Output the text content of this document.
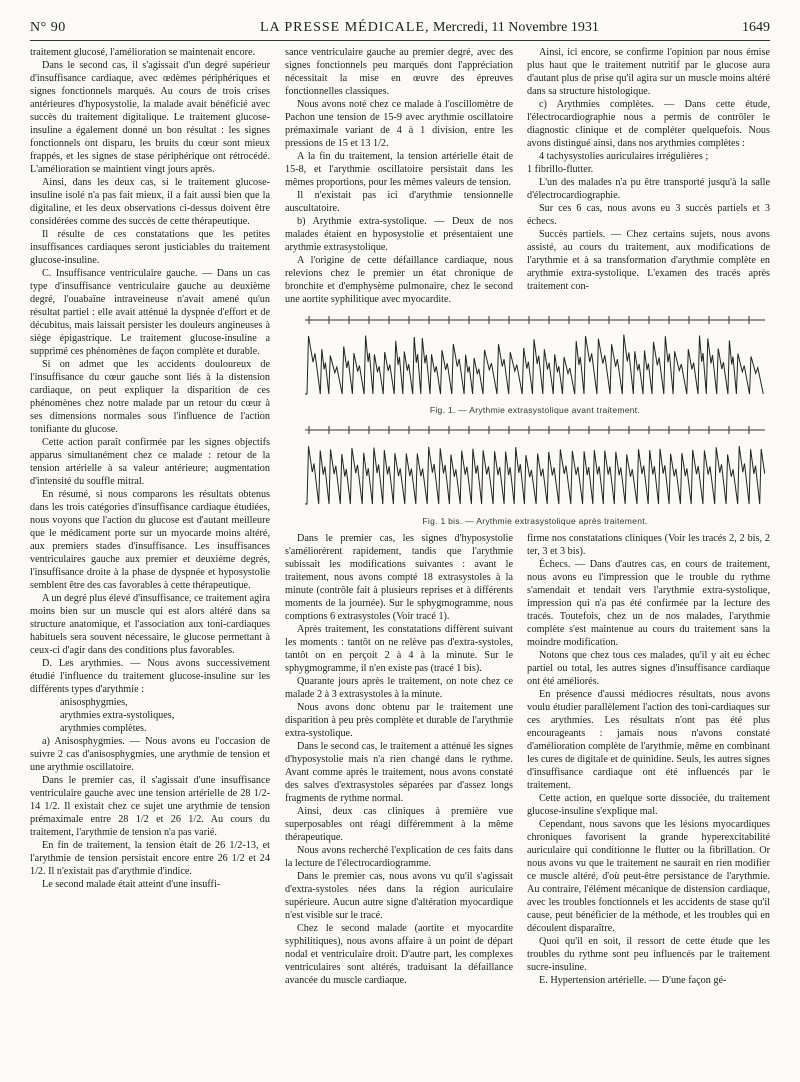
N° 90	LA PRESSE MÉDICALE, Mercredi, 11 Novembre 1931	1649

traitement glucosé, l'amélioration se maintenait encore.

Dans le second cas, il s'agissait d'un degré supérieur d'insuffisance cardiaque, avec œdèmes périphériques et signes fonctionnels marqués. Au cours de trois crises antérieures d'hyposystolie, la malade avait bénéficié avec succès du traitement digitalique. Le traitement glucose-insuline a également donné un bon résultat : les signes fonctionnels ont disparu, les bruits du cœur sont mieux frappés, et les signes de stase périphérique ont rétrocédé. L'amélioration se maintient vingt jours après.

Ainsi, dans les deux cas, si le traitement glucose-insuline isolé n'a pas fait mieux, il a fait aussi bien que la digitaline, et les deux observations ci-dessus doivent être considérées comme des succès de cette thérapeutique.

Il résulte de ces constatations que les petites insuffisances cardiaques seront justiciables du traitement glucose-insuline.

C. Insuffisance ventriculaire gauche. — Dans un cas type d'insuffisance ventriculaire gauche au deuxième degré, l'ouabaïne intraveineuse n'avait amené qu'un résultat partiel : elle avait atténué la dyspnée d'effort et de décubitus, mais laissait persister les douleurs angineuses à siège épigastrique. Le traitement glucose-insuline a supprimé ces phénomènes de façon complète et durable.

Si on admet que les accidents douloureux de l'insuffisance du cœur gauche sont liés à la distension cardiaque, on peut expliquer la disparition de ces phénomènes chez notre malade par un retour du cœur à ses dimensions normales sous l'influence de l'action tonifiante du glucose.

Cette action paraît confirmée par les signes objectifs apparus simultanément chez ce malade : retour de la tension artérielle à sa valeur antérieure; augmentation d'intensité du souffle mitral.

En résumé, si nous comparons les résultats obtenus dans les trois catégories d'insuffisance cardiaque étudiées, nous voyons que l'action du glucose est d'autant meilleure que le médicament porte sur un myocarde moins altéré, aux premiers stades d'insuffisance. Les insuffisances ventriculaires gauche aux premier et deuxième degrés, l'insuffisance droite à la phase de dyspnée et hyposystolie semblent être des cas favorables à cette thérapeutique.

A un degré plus élevé d'insuffisance, ce traitement agira moins bien sur un muscle qui est alors altéré dans sa structure anatomique, et l'association aux toni-cardiaques habituels sera souvent nécessaire, le glucose permettant à ceux-ci d'agir dans des conditions plus favorables.

D. Les arythmies. — Nous avons successivement étudié l'influence du traitement glucose-insuline sur les différents types d'arythmie :

anisosphygmies,

arythmies extra-systoliques,

arythmies complètes.

a) Anisosphygmies. — Nous avons eu l'occasion de suivre 2 cas d'anisosphygmies, une arythmie de tension et une arythmie oscillatoire.

Dans le premier cas, il s'agissait d'une insuffisance ventriculaire gauche avec une tension artérielle de 28 1/2-14 1/2. Il existait chez ce sujet une arythmie de tension prémaximale entre 28 1/2 et 26 1/2. Au cours du traitement, l'arythmie de tension n'a pas varié.

En fin de traitement, la tension était de 26 1/2-13, et l'arythmie de tension persistait encore entre 26 1/2 et 24 1/2. Il n'existait pas d'arythmie d'indice.

Le second malade était atteint d'une insuffi-

sance ventriculaire gauche au premier degré, avec des signes fonctionnels peu marqués dont l'appréciation nécessitait la mise en œuvre des épreuves fonctionnelles classiques.

Nous avons noté chez ce malade à l'oscillomètre de Pachon une tension de 15-9 avec arythmie oscillatoire prémaximale variant de 4 à 1 division, entre les pressions de 15 et 13 1/2.

A la fin du traitement, la tension artérielle était de 15-8, et l'arythmie oscillatoire persistait dans les mêmes proportions, pour les mêmes valeurs de tension.

Il n'existait pas ici d'arythmie tensionnelle auscultatoire.

b) Arythmie extra-systolique. — Deux de nos malades étaient en hyposystolie et présentaient une arythmie extrasystolique.

A l'origine de cette défaillance cardiaque, nous relevions chez le premier un état chronique de bronchite et d'emphysème pulmonaire, chez le second une aortite syphilitique avec myocardite.

Ainsi, ici encore, se confirme l'opinion par nous émise plus haut que le traitement nutritif par le glucose aura d'autant plus de prise qu'il agira sur un muscle moins altéré dans sa structure histologique.

c) Arythmies complètes. — Dans cette étude, l'électrocardiographie nous a permis de contrôler le diagnostic clinique et de compléter quelquefois. Nous avons distingué ainsi, dans nos arythmies complètes :

4 tachysystolies auriculaires irrégulières ;

1 fibrillo-flutter.

L'un des malades n'a pu être transporté jusqu'à la salle d'électrocardiographie.

Sur ces 6 cas, nous avons eu 3 succès partiels et 3 échecs.

Succès partiels. — Chez certains sujets, nous avons assisté, au cours du traitement, aux modifications de l'arythmie et à sa transformation d'arythmie complète en arythmie extra-systolique. L'examen des tracés après traitement con-

Fig. 1. — Arythmie extrasystolique avant traitement.
Fig. 1 bis. — Arythmie extrasystolique après traitement.

Dans le premier cas, les signes d'hyposystolie s'améliorèrent rapidement, tandis que l'arythmie subissait les modifications suivantes : avant le traitement, nous avons compté 18 extrasystoles à la minute (contrôle fait à plusieurs reprises et à différents moments de la journée). Sur le sphygmogramme, nous comptions 6 extrasystoles (Voir tracé 1).

Après traitement, les constatations diffèrent suivant les moments : tantôt on ne relève pas d'extra-systoles, tantôt on en perçoit 2 à 4 à la minute. Sur le sphygmogramme, il n'en existe pas (tracé 1 bis).

Quarante jours après le traitement, on note chez ce malade 2 à 3 extrasystoles à la minute.

Nous avons donc obtenu par le traitement une disparition à peu près complète et durable de l'arythmie extra-systolique.

Dans le second cas, le traitement a atténué les signes d'hyposystolie mais n'a rien changé dans le rythme. Avant comme après le traitement, nous avons constaté des salves d'extrasystoles séparées par d'assez longs fragments de rythme normal.

Ainsi, deux cas cliniques à première vue superposables ont réagi différemment à la même thérapeutique.

Nous avons recherché l'explication de ces faits dans la lecture de l'électrocardiogramme.

Dans le premier cas, nous avons vu qu'il s'agissait d'extra-systoles nées dans la région auriculaire supérieure. Aucun autre signe d'altération myocardique n'est visible sur le tracé.

Chez le second malade (aortite et myocardite syphilitiques), nous avons affaire à un point de départ nodal et ventriculaire droit. D'autre part, les complexes ventriculaires sont altérés, traduisant la défaillance avancée du muscle cardiaque.

firme nos constatations cliniques (Voir les tracés 2, 2 bis, 2 ter, 3 et 3 bis).

Échecs. — Dans d'autres cas, en cours de traitement, nous avons eu l'impression que le trouble du rythme s'amendait et tendait vers l'arythmie extra-systolique, impression qui n'a pas été confirmée par la lecture des tracés. Toutefois, chez un de nos malades, l'arythmie complète s'est maintenue au cours du traitement sans la moindre modification.

Notons que chez tous ces malades, qu'il y ait eu échec partiel ou total, les autres signes d'insuffisance cardiaque ont été améliorés.

En présence d'aussi médiocres résultats, nous avons voulu étudier parallèlement l'action des toni-cardiaques sur ces arythmies. Les résultats n'ont pas été plus encourageants : jamais nous n'avons constaté d'amélioration complète de l'arythmie, même en combinant les cures de digitale et de quinidine. Seuls, les autres signes d'insuffisance cardiaque ont été influencés par le traitement.

Cette action, en quelque sorte dissociée, du traitement glucose-insuline s'explique mal.

Cependant, nous savons que les lésions myocardiques chroniques favorisent la grande hyperexcitabilité auriculaire qui conditionne le flutter ou la fibrillation. Or nous avons vu que le traitement ne saurait en rien modifier ce muscle altéré, d'où peut-être persistance de l'arythmie. Au contraire, l'élément mécanique de distension cardiaque, avec les troubles fonctionnels et les accidents de stase qu'il cause, peut bénéficier de la méthode, et les troubles qui en découlent disparaître.

Quoi qu'il en soit, il ressort de cette étude que les troubles du rythme sont peu influencés par le traitement sucre-insuline.

E. Hypertension artérielle. — D'une façon gé-
